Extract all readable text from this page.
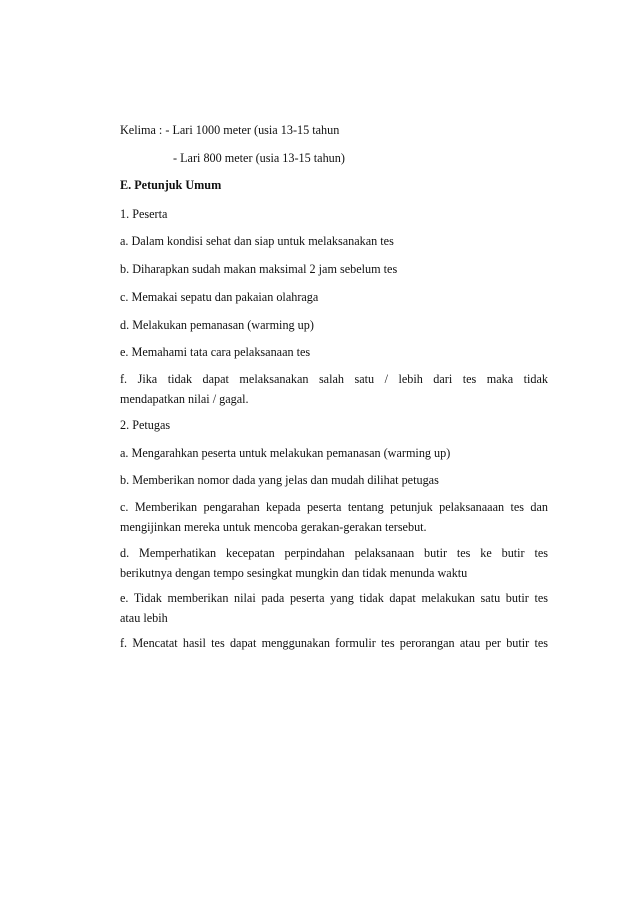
Kelima : - Lari 1000 meter (usia 13-15 tahun
- Lari 800 meter (usia 13-15 tahun)
E. Petunjuk Umum
1. Peserta
a. Dalam kondisi sehat dan siap untuk melaksanakan tes
b. Diharapkan sudah makan maksimal 2 jam sebelum tes
c. Memakai sepatu dan pakaian olahraga
d. Melakukan pemanasan (warming up)
e. Memahami tata cara pelaksanaan tes
f. Jika tidak dapat melaksanakan salah satu / lebih dari tes maka tidak
mendapatkan nilai / gagal.
2. Petugas
a. Mengarahkan peserta untuk melakukan pemanasan (warming up)
b. Memberikan nomor dada yang jelas dan mudah dilihat petugas
c. Memberikan pengarahan kepada peserta tentang petunjuk pelaksanaaan tes dan
mengijinkan mereka untuk mencoba gerakan-gerakan tersebut.
d. Memperhatikan kecepatan perpindahan pelaksanaan butir tes ke butir tes
berikutnya dengan tempo sesingkat mungkin dan tidak menunda waktu
e. Tidak memberikan nilai pada peserta yang tidak dapat melakukan satu butir tes
atau lebih
f. Mencatat hasil tes dapat menggunakan formulir tes perorangan atau per butir tes
